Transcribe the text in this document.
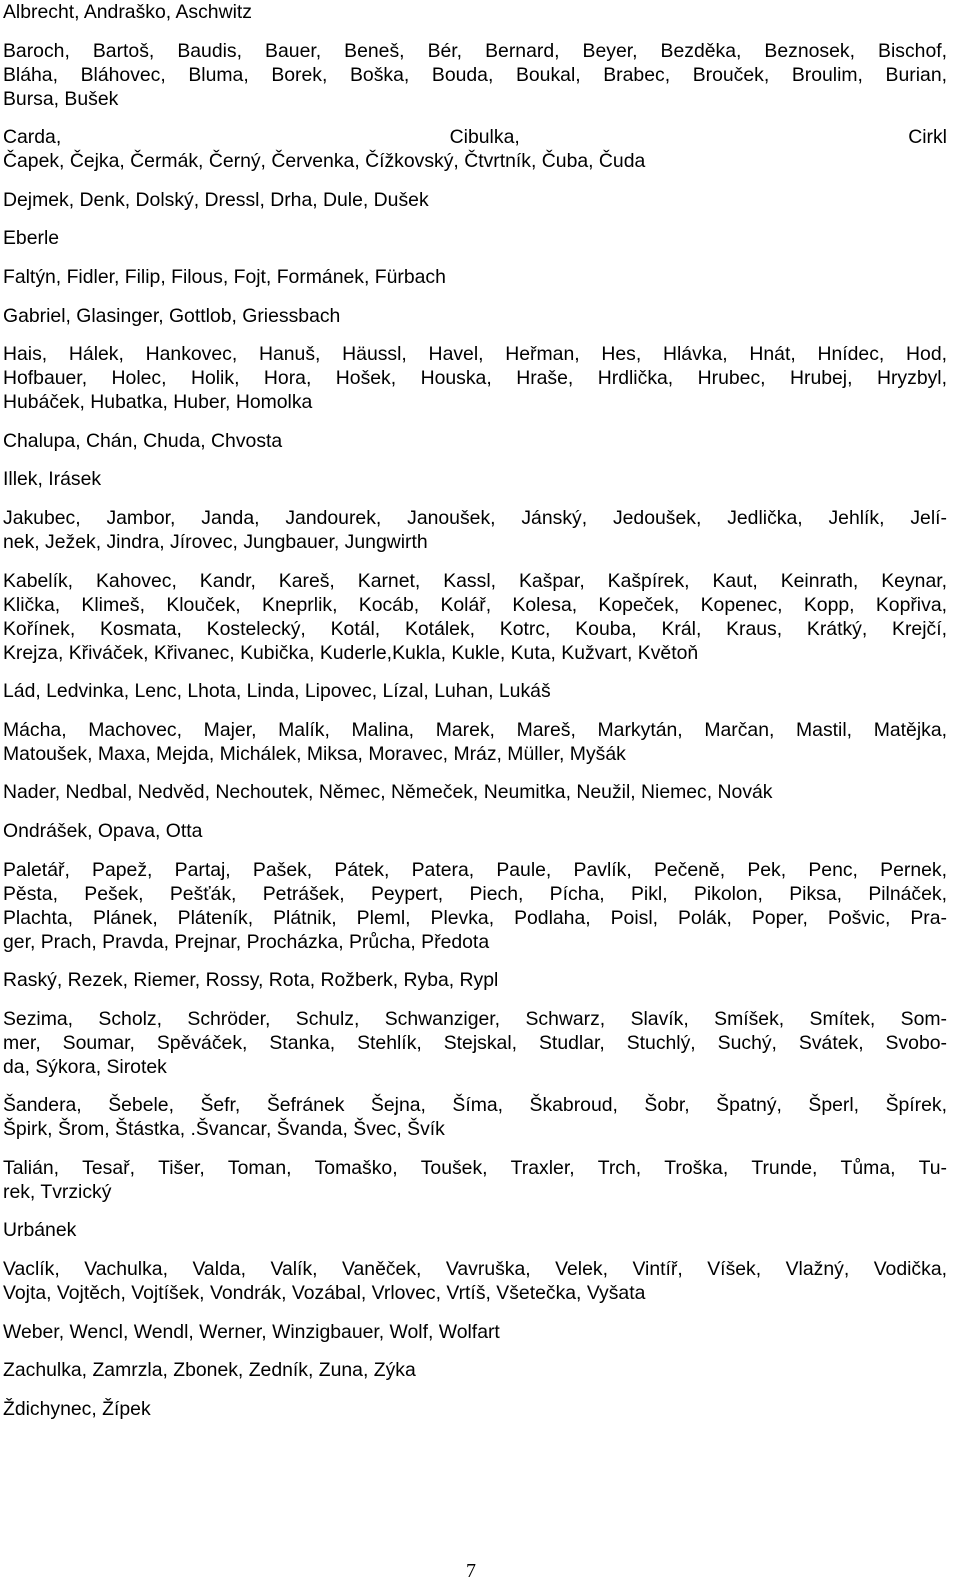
Albrecht, Andraško, Aschwitz

Baroch, Bartoš, Baudis, Bauer, Beneš, Bér, Bernard, Beyer, Bezděka, Beznosek, Bischof,
Bláha, Bláhovec, Bluma, Borek, Boška, Bouda, Boukal, Brabec, Brouček, Broulim, Burian,
Bursa, Bušek

Carda, Cibulka, Cirkl
Čapek, Čejka, Čermák, Černý, Červenka, Čížkovský, Čtvrtník, Čuba, Čuda

Dejmek, Denk, Dolský, Dressl, Drha, Dule, Dušek

Eberle

Faltýn, Fidler, Filip, Filous, Fojt, Formánek, Fürbach

Gabriel, Glasinger, Gottlob, Griessbach

Hais, Hálek, Hankovec, Hanuš, Häussl, Havel, Heřman, Hes, Hlávka, Hnát, Hnídec, Hod,
Hofbauer, Holec, Holik, Hora, Hošek, Houska, Hraše, Hrdlička, Hrubec, Hrubej, Hryzbyl,
Hubáček, Hubatka, Huber, Homolka

Chalupa, Chán, Chuda, Chvosta

Illek, Irásek

Jakubec, Jambor, Janda, Jandourek, Janoušek, Jánský, Jedoušek, Jedlička, Jehlík, Jelí-
nek, Ježek, Jindra, Jírovec, Jungbauer, Jungwirth

Kabelík, Kahovec, Kandr, Kareš, Karnet, Kassl, Kašpar, Kašpírek, Kaut, Keinrath, Keynar,
Klička, Klimeš, Klouček, Kneprlik, Kocáb, Kolář, Kolesa, Kopeček, Kopenec, Kopp, Kopřiva,
Kořínek, Kosmata, Kostelecký, Kotál, Kotálek, Kotrc, Kouba, Král, Kraus, Krátký, Krejčí,
Krejza, Křiváček, Křivanec, Kubička, Kuderle,Kukla, Kukle, Kuta, Kužvart, Květoň

Lád, Ledvinka, Lenc, Lhota, Linda, Lipovec, Lízal, Luhan, Lukáš

Mácha, Machovec, Majer, Malík, Malina, Marek, Mareš, Markytán, Marčan, Mastil, Matějka,
Matoušek, Maxa, Mejda, Michálek, Miksa, Moravec, Mráz, Müller, Myšák

Nader, Nedbal, Nedvěd, Nechoutek, Němec, Němeček, Neumitka, Neužil, Niemec, Novák

Ondrášek, Opava, Otta

Paletář, Papež, Partaj, Pašek, Pátek, Patera, Paule, Pavlík, Pečeně, Pek, Penc, Pernek,
Pěsta, Pešek, Pešťák, Petrášek, Peypert, Piech, Pícha, Pikl, Pikolon, Piksa, Pilnáček,
Plachta, Plánek, Pláteník, Plátnik, Pleml, Plevka, Podlaha, Poisl, Polák, Poper, Pošvic, Pra-
ger, Prach, Pravda, Prejnar, Procházka, Průcha, Předota

Raský, Rezek, Riemer, Rossy, Rota, Rožberk, Ryba, Rypl

Sezima, Scholz, Schröder, Schulz, Schwanziger, Schwarz, Slavík, Smíšek, Smítek, Som-
mer, Soumar, Spěváček, Stanka, Stehlík, Stejskal, Studlar, Stuchlý, Suchý, Svátek, Svobo-
da, Sýkora, Sirotek

Šandera, Šebele, Šefr, Šefránek Šejna, Šíma, Škabroud, Šobr, Špatný, Šperl, Špírek,
Špirk, Šrom, Štástka, .Švancar, Švanda, Švec, Švík

Talián, Tesař, Tišer, Toman, Tomaško, Toušek, Traxler, Trch, Troška, Trunde, Tůma, Tu-
rek, Tvrzický

Urbánek

Vaclík, Vachulka, Valda, Valík, Vaněček, Vavruška, Velek, Vintíř, Víšek, Vlažný, Vodička,
Vojta, Vojtěch, Vojtíšek, Vondrák, Vozábal, Vrlovec, Vrtíš, Všetečka, Vyšata

Weber, Wencl, Wendl, Werner, Winzigbauer, Wolf, Wolfart

Zachulka, Zamrzla, Zbonek, Zedník, Zuna, Zýka

Ždichynec, Žípek

7
